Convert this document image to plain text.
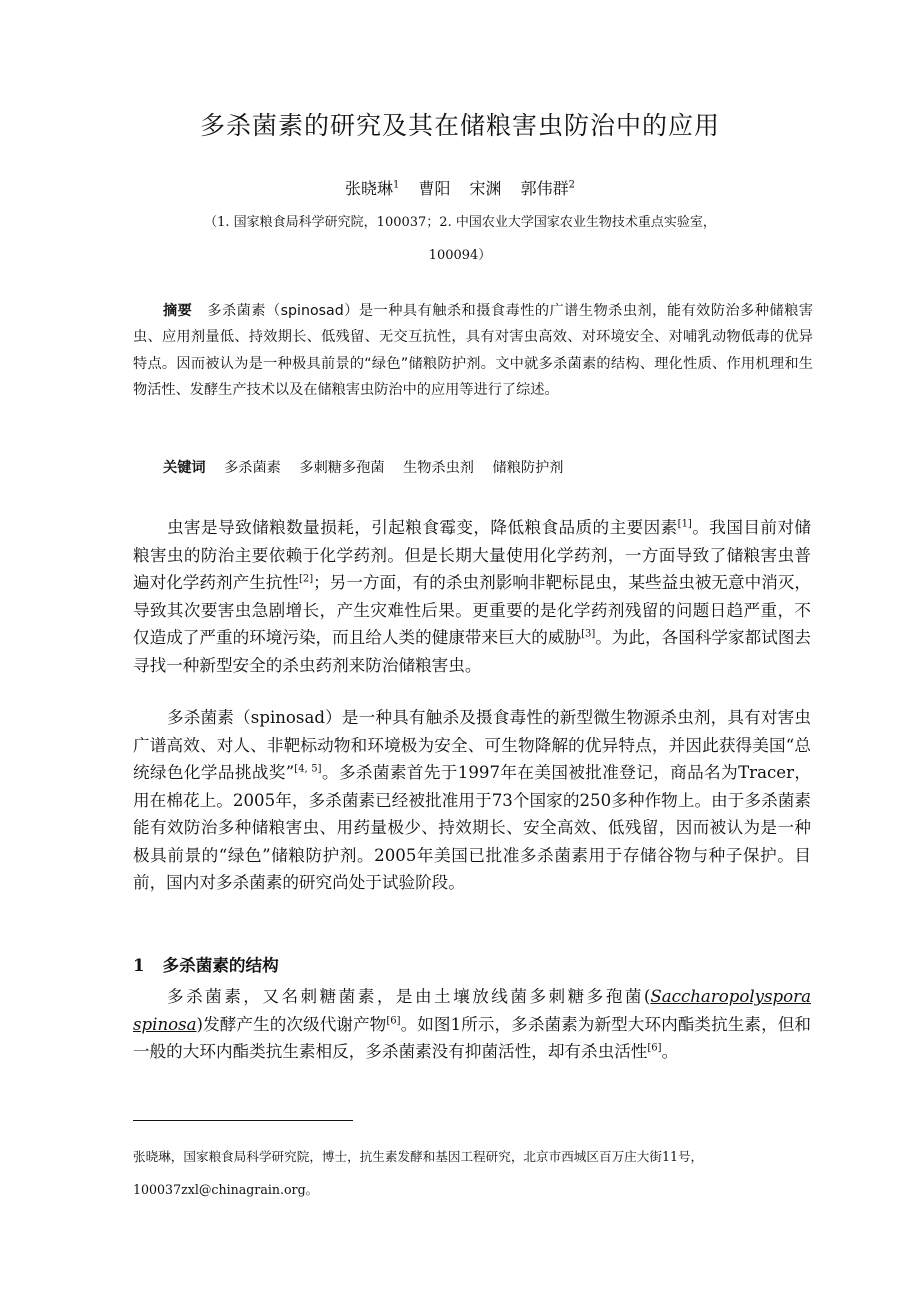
多杀菌素的研究及其在储粮害虫防治中的应用
张晓琳$^1$ 曹阳 宋渊 郭伟群$^2$
（1. 国家粮食局科学研究院，100037；2. 中国农业大学国家农业生物技术重点实验室，
100094）
摘要 多杀菌素（spinosad）是一种具有触杀和摄食毒性的广谱生物杀虫剂，能有效防治多种储粮害虫、应用剂量低、持效期长、低残留、无交互抗性，具有对害虫高效、对环境安全、对哺乳动物低毒的优异特点。因而被认为是一种极具前景的“绿色”储粮防护剂。文中就多杀菌素的结构、理化性质、作用机理和生物活性、发酵生产技术以及在储粮害虫防治中的应用等进行了综述。
关键词 多杀菌素 多刺糖多孢菌 生物杀虫剂 储粮防护剂
虫害是导致储粮数量损耗，引起粮食霉变，降低粮食品质的主要因素[1]。我国目前对储粮害虫的防治主要依赖于化学药剂。但是长期大量使用化学药剂，一方面导致了储粮害虫普遍对化学药剂产生抗性[2]；另一方面，有的杀虫剂影响非靶标昆虫，某些益虫被无意中消灭，导致其次要害虫急剧增长，产生灾难性后果。更重要的是化学药剂残留的问题日趋严重，不仅造成了严重的环境污染，而且给人类的健康带来巨大的威胁[3]。为此，各国科学家都试图去寻找一种新型安全的杀虫药剂来防治储粮害虫。
多杀菌素（spinosad）是一种具有触杀及摄食毒性的新型微生物源杀虫剂，具有对害虫广谱高效、对人、非靶标动物和环境极为安全、可生物降解的优异特点，并因此获得美国“总统绿色化学品挑战奖”[4, 5]。多杀菌素首先于1997年在美国被批准登记，商品名为Tracer，用在棉花上。2005年，多杀菌素已经被批准用于73个国家的250多种作物上。由于多杀菌素能有效防治多种储粮害虫、用药量极少、持效期长、安全高效、低残留，因而被认为是一种极具前景的“绿色”储粮防护剂。2005年美国已批准多杀菌素用于存储谷物与种子保护。目前，国内对多杀菌素的研究尚处于试验阶段。
1 多杀菌素的结构
多杀菌素，又名刺糖菌素，是由土壤放线菌多刺糖多孢菌(Saccharopolyspora spinosa)发酵产生的次级代谢产物[6]。如图1所示，多杀菌素为新型大环内酯类抗生素，但和一般的大环内酯类抗生素相反，多杀菌素没有抑菌活性，却有杀虫活性[6]。
张晓琳，国家粮食局科学研究院，博士，抗生素发酵和基因工程研究，北京市西城区百万庄大街11号，100037zxl@chinagrain.org。
